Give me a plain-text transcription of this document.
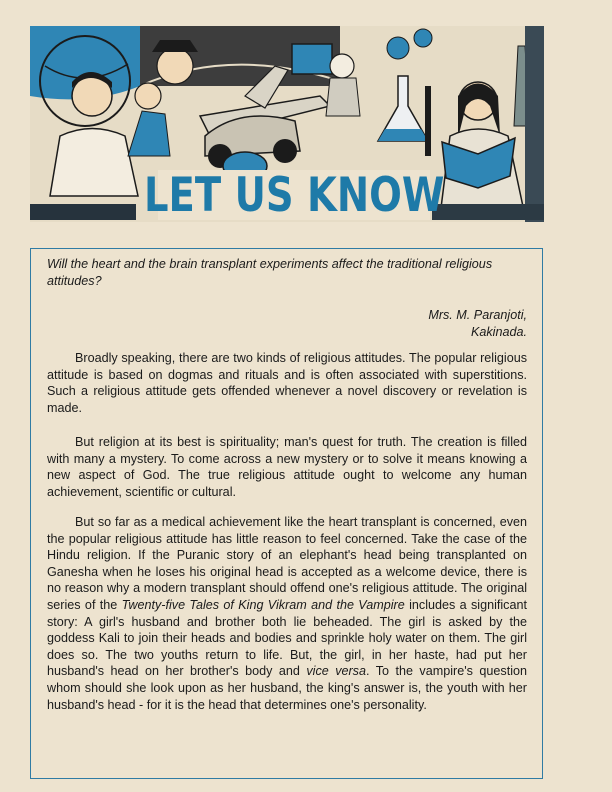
LET US KNOW
Will the heart and the brain transplant experiments affect the traditional religious attitudes?
Mrs. M. Paranjoti,
Kakinada.

Broadly speaking, there are two kinds of religious attitudes. The popular religious attitude is based on dogmas and rituals and is often associated with superstitions. Such a religious attitude gets offended whenever a novel discovery or revelation is made.

But religion at its best is spirituality; man's quest for truth. The creation is filled with many a mystery. To come across a new mystery or to solve it means knowing a new aspect of God. The true religious attitude ought to welcome any human achievement, scientific or cultural.

But so far as a medical achievement like the heart transplant is concerned, even the popular religious attitude has little reason to feel concerned. Take the case of the Hindu religion. If the Puranic story of an elephant's head being transplanted on Ganesha when he loses his original head is accepted as a welcome device, there is no reason why a modern transplant should offend one's religious attitude. The original series of the Twenty-five Tales of King Vikram and the Vampire includes a significant story: A girl's husband and brother both lie beheaded. The girl is asked by the goddess Kali to join their heads and bodies and sprinkle holy water on them. The girl does so. The two youths return to life. But, the girl, in her haste, had put her husband's head on her brother's body and vice versa. To the vampire's question whom should she look upon as her husband, the king's answer is, the youth with her husband's head - for it is the head that determines one's personality.
